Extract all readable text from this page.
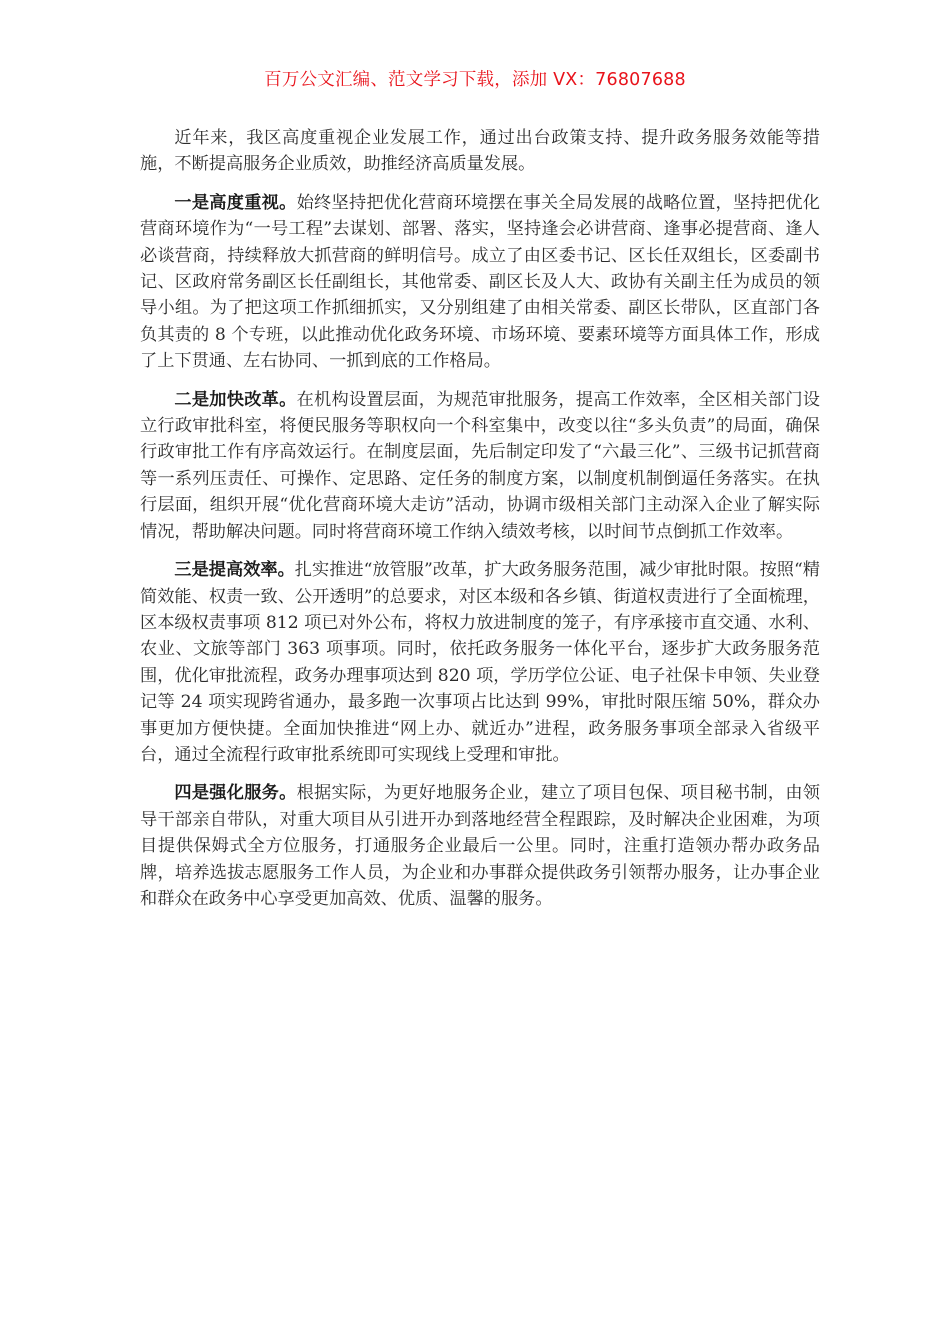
百万公文汇编、范文学习下载，添加 VX：76807688

近年来，我区高度重视企业发展工作，通过出台政策支持、提升政务服务效能等措施，不断提高服务企业质效，助推经济高质量发展。

一是高度重视。始终坚持把优化营商环境摆在事关全局发展的战略位置，坚持把优化营商环境作为“一号工程”去谋划、部署、落实，坚持逢会必讲营商、逢事必提营商、逢人必谈营商，持续释放大抓营商的鲜明信号。成立了由区委书记、区长任双组长，区委副书记、区政府常务副区长任副组长，其他常委、副区长及人大、政协有关副主任为成员的领导小组。为了把这项工作抓细抓实，又分别组建了由相关常委、副区长带队，区直部门各负其责的 8 个专班，以此推动优化政务环境、市场环境、要素环境等方面具体工作，形成了上下贯通、左右协同、一抓到底的工作格局。

二是加快改革。在机构设置层面，为规范审批服务，提高工作效率，全区相关部门设立行政审批科室，将便民服务等职权向一个科室集中，改变以往“多头负责”的局面，确保行政审批工作有序高效运行。在制度层面，先后制定印发了“六最三化”、三级书记抓营商等一系列压责任、可操作、定思路、定任务的制度方案，以制度机制倒逼任务落实。在执行层面，组织开展“优化营商环境大走访”活动，协调市级相关部门主动深入企业了解实际情况，帮助解决问题。同时将营商环境工作纳入绩效考核，以时间节点倒抓工作效率。

三是提高效率。扎实推进“放管服”改革，扩大政务服务范围，减少审批时限。按照“精简效能、权责一致、公开透明”的总要求，对区本级和各乡镇、街道权责进行了全面梳理，区本级权责事项 812 项已对外公布，将权力放进制度的笼子，有序承接市直交通、水利、农业、文旅等部门 363 项事项。同时，依托政务服务一体化平台，逐步扩大政务服务范围，优化审批流程，政务办理事项达到 820 项，学历学位公证、电子社保卡申领、失业登记等 24 项实现跨省通办，最多跑一次事项占比达到 99%，审批时限压缩 50%，群众办事更加方便快捷。全面加快推进“网上办、就近办”进程，政务服务事项全部录入省级平台，通过全流程行政审批系统即可实现线上受理和审批。

四是强化服务。根据实际，为更好地服务企业，建立了项目包保、项目秘书制，由领导干部亲自带队，对重大项目从引进开办到落地经营全程跟踪，及时解决企业困难，为项目提供保姆式全方位服务，打通服务企业最后一公里。同时，注重打造领办帮办政务品牌，培养选拔志愿服务工作人员，为企业和办事群众提供政务引领帮办服务，让办事企业和群众在政务中心享受更加高效、优质、温馨的服务。
